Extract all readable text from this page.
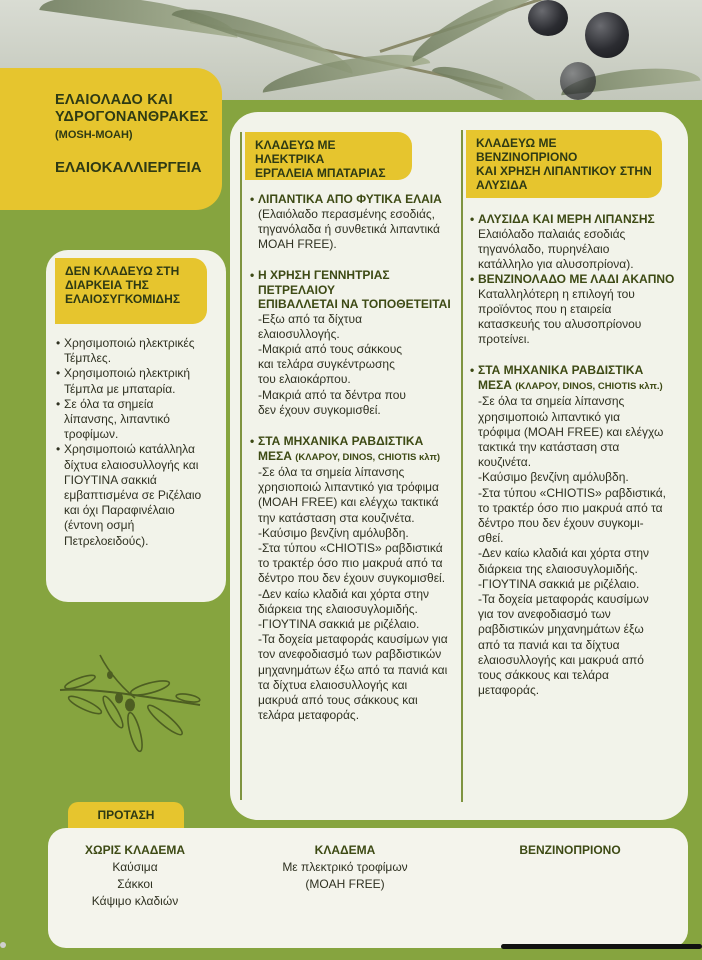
ΕΛΑΙΟΛΑΔΟ ΚΑΙ
ΥΔΡΟΓΟΝΑΝΘΡΑΚΕΣ
(MOSH-MOAH)
ΕΛΑΙΟΚΑΛΛΙΕΡΓΕΙΑ
ΔΕΝ ΚΛΑΔΕΥΩ ΣΤΗ
ΔΙΑΡΚΕΙΑ ΤΗΣ
ΕΛΑΙΟΣΥΓΚΟΜΙΔΗΣ
ΚΛΑΔΕΥΩ ΜΕ ΗΛΕΚΤΡΙΚΑ
ΕΡΓΑΛΕΙΑ ΜΠΑΤΑΡΙΑΣ
ΚΛΑΔΕΥΩ ΜΕ ΒΕΝΖΙΝΟΠΡΙΟΝΟ
ΚΑΙ ΧΡΗΣΗ ΛΙΠΑΝΤΙΚΟΥ ΣΤΗΝ
ΑΛΥΣΙΔΑ
• Χρησιμοποιώ ηλεκτρικές
Τέμπλες.
• Χρησιμοποιώ ηλεκτρική
Τέμπλα με μπαταρία.
• Σε όλα τα σημεία
λίπανσης, λιπαντικό
τροφίμων.
• Χρησιμοποιώ κατάλληλα
δίχτυα ελαιοσυλλογής και
ΓΙΟΥΤΙΝΑ σακκιά
εμβαπτισμένα σε Ριζέλαιο
και όχι Παραφινέλαιο
(έντονη οσμή
Πετρελοειδούς).
• ΛΙΠΑΝΤΙΚΑ ΑΠΟ ΦΥΤΙΚΑ ΕΛΑΙΑ
(Ελαιόλαδο περασμένης εσοδιάς,
τηγανόλαδα ή συνθετικά λιπαντικά
MOAH FREE).
• Η ΧΡΗΣΗ ΓΕΝΝΗΤΡΙΑΣ ΠΕΤΡΕΛΑΙΟΥ
ΕΠΙΒΑΛΛΕΤΑΙ ΝΑ ΤΟΠΟΘΕΤΕΙΤΑΙ
-Εξω από τα δίχτυα
ελαιοσυλλογής.
-Μακριά από τους σάκκους
και τελάρα συγκέντρωσης
του ελαιοκάρπου.
-Μακριά από τα δέντρα που
δεν έχουν συγκομισθεί.
• ΣΤΑ ΜΗΧΑΝΙΚΑ ΡΑΒΔΙΣΤΙΚΑ
ΜΕΣΑ (ΚΛΑΡΟΥ, DINOS, CHIOTIS κλπ)
-Σε όλα τα σημεία λίπανσης
χρησιοποιώ λιπαντικό για τρόφιμα
(MOAH FREE) και ελέγχω τακτικά
την κατάσταση στα κουζινέτα.
-Καύσιμο βενζίνη αμόλυβδη.
-Στα τύπου «CHIOTIS» ραβδιστικά
το τρακτέρ όσο πιο μακρυά από τα
δέντρο που δεν έχουν συγκομισθεί.
-Δεν καίω κλαδιά και χόρτα στην
διάρκεια της ελαιοσυγλομιδής.
-ΓΙΟΥΤΙΝΑ σακκιά με ριζέλαιο.
-Τα δοχεία μεταφοράς καυσίμων για
τον ανεφοδιασμό των ραβδιστικών
μηχανημάτων έξω από τα πανιά και
τα δίχτυα ελαιοσυλλογής και
μακρυά από τους σάκκους και
τελάρα μεταφοράς.
• ΑΛΥΣΙΔΑ ΚΑΙ ΜΕΡΗ ΛΙΠΑΝΣΗΣ
Ελαιόλαδο παλαιάς εσοδιάς
τηγανόλαδο, πυρηνέλαιο
κατάλληλο για αλυσοπρίονα).
• ΒΕΝΖΙΝΟΛΑΔΟ ΜΕ ΛΑΔΙ ΑΚΑΠΝΟ
Καταλληλότερη η επιλογή του
προϊόντος που η εταιρεία
κατασκευής του αλυσοπρίονου
προτείνει.
• ΣΤΑ ΜΗΧΑΝΙΚΑ ΡΑΒΔΙΣΤΙΚΑ
ΜΕΣΑ (ΚΛΑΡΟΥ, DINOS, CHIOTIS κλπ.)
-Σε όλα τα σημεία λίπανσης
χρησιμοποιώ λιπαντικό για
τρόφιμα (MOAH FREE) και ελέγχω
τακτικά την κατάσταση στα
κουζινέτα.
-Καύσιμο βενζίνη αμόλυβδη.
-Στα τύπου «CHIOTIS» ραβδιστικά,
το τρακτέρ όσο πιο μακρυά από τα
δέντρο που δεν έχουν συγκομι-
σθεί.
-Δεν καίω κλαδιά και χόρτα στην
διάρκεια της ελαιοσυγλομιδής.
-ΓΙΟΥΤΙΝΑ σακκιά με ριζέλαιο.
-Τα δοχεία μεταφοράς καυσίμων
για τον ανεφοδιασμό των
ραβδιστικών μηχανημάτων έξω
από τα πανιά και τα δίχτυα
ελαιοσυλλογής και μακρυά από
τους σάκκους και τελάρα
μεταφοράς.
ΠΡΟΤΑΣΗ
ΧΩΡΙΣ ΚΛΑΔΕΜΑ
Καύσιμα
Σάκκοι
Κάψιμο κλαδιών
ΚΛΑΔΕΜΑ
Με πλεκτρικό τροφίμων
(MOAH FREE)
ΒΕΝΖΙΝΟΠΡΙΟΝΟ
